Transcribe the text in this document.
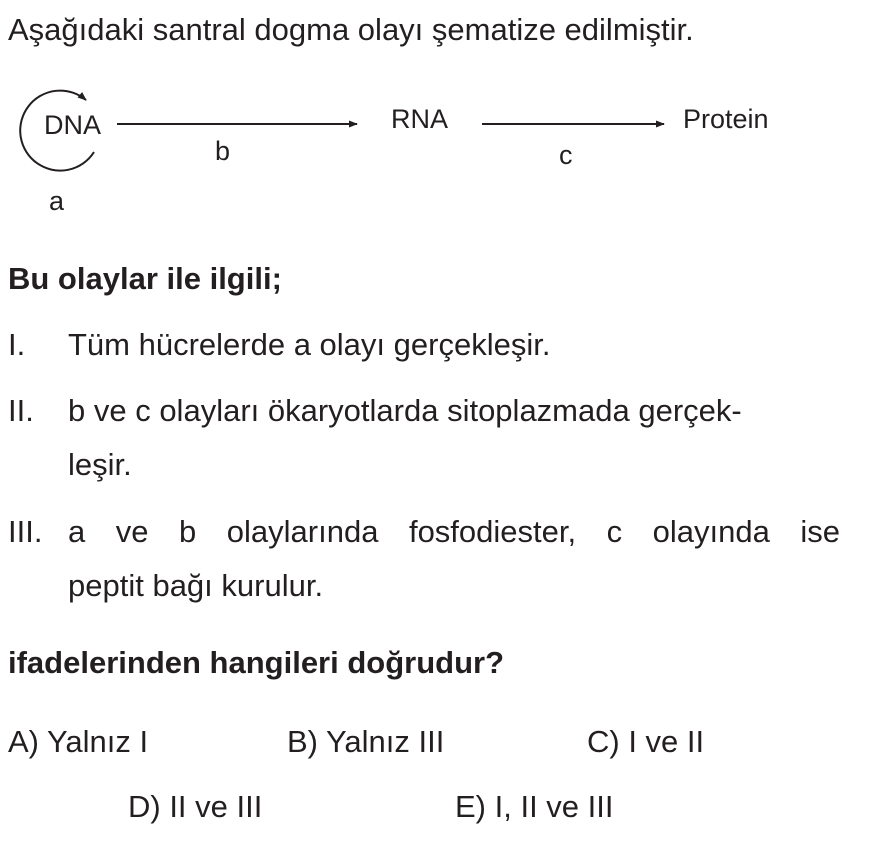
Aşağıdaki santral dogma olayı şematize edilmiştir.
DNA	RNA	Protein
a
b	c
Bu olaylar ile ilgili;
I. Tüm hücrelerde a olayı gerçekleşir.
II. b ve c olayları ökaryotlarda sitoplazmada gerçek-
leşir.
III. a ve b olaylarında fosfodiester, c olayında ise
peptit bağı kurulur.
ifadelerinden hangileri doğrudur?
A) Yalnız I	B) Yalnız III	C) I ve II
D) II ve III	E) I, II ve III
